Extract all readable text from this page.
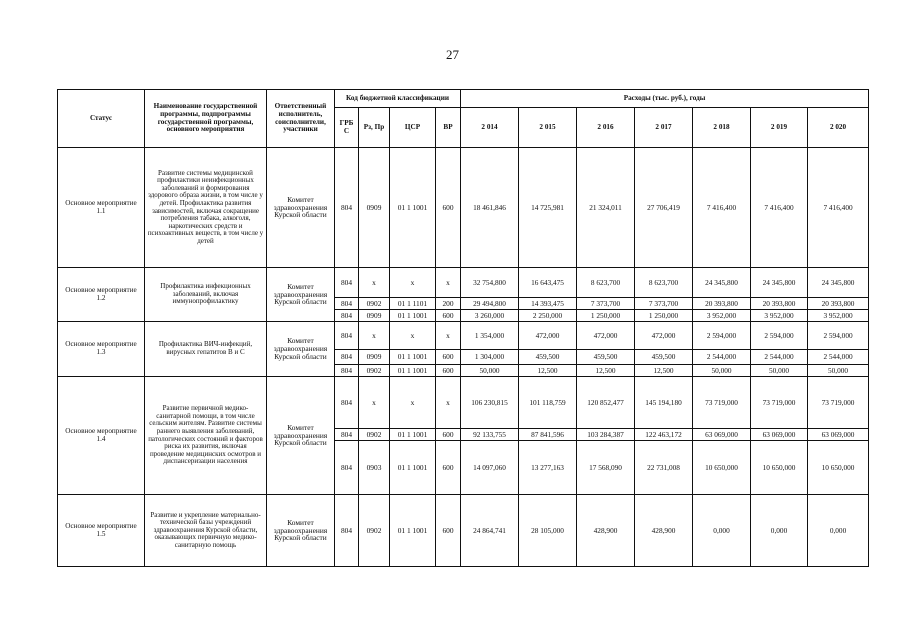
27
Статус	Наименование государственной программы, подпрограммы государственной программы, основного мероприятия	Ответственный исполнитель, соисполнители, участники	Код бюджетной классификации				Расходы (тыс. руб.), годы						
			ГРБ С	Рз, Пр	ЦСР	ВР	2 014	2 015	2 016	2 017	2 018	2 019	2 020
Основное мероприятие 1.1	Развитие системы медицинской профилактики неинфекционных заболеваний и формирования здорового образа жизни, в том числе у детей. Профилактика развития зависимостей, включая сокращение потребления табака, алкоголя, наркотических средств и психоактивных веществ, в том числе у детей	Комитет здравоохранения Курской области	804	0909	01 1 1001	600	18 461,846	14 725,981	21 324,011	27 706,419	7 416,400	7 416,400	7 416,400
Основное мероприятие 1.2	Профилактика инфекционных заболеваний, включая иммунопрофилактику	Комитет здравоохранения Курской области	804	х	х	х	32 754,800	16 643,475	8 623,700	8 623,700	24 345,800	24 345,800	24 345,800
			804	0902	01 1 1101	200	29 494,800	14 393,475	7 373,700	7 373,700	20 393,800	20 393,800	20 393,800
			804	0909	01 1 1001	600	3 260,000	2 250,000	1 250,000	1 250,000	3 952,000	3 952,000	3 952,000
Основное мероприятие 1.3	Профилактика ВИЧ-инфекций, вирусных гепатитов В и С	Комитет здравоохранения Курской области	804	х	х	х	1 354,000	472,000	472,000	472,000	2 594,000	2 594,000	2 594,000
			804	0909	01 1 1001	600	1 304,000	459,500	459,500	459,500	2 544,000	2 544,000	2 544,000
			804	0902	01 1 1001	600	50,000	12,500	12,500	12,500	50,000	50,000	50,000
Основное мероприятие 1.4	Развитие первичной медико-санитарной помощи, в том числе сельским жителям. Развитие системы раннего выявления заболеваний, патологических состояний и факторов риска их развития, включая проведение медицинских осмотров и диспансеризации населения	Комитет здравоохранения Курской области	804	х	х	х	106 230,815	101 118,759	120 852,477	145 194,180	73 719,000	73 719,000	73 719,000
			804	0902	01 1 1001	600	92 133,755	87 841,596	103 284,387	122 463,172	63 069,000	63 069,000	63 069,000
			804	0903	01 1 1001	600	14 097,060	13 277,163	17 568,090	22 731,008	10 650,000	10 650,000	10 650,000
Основное мероприятие 1.5	Развитие и укрепление материально-технической базы учреждений здравоохранения Курской области, оказывающих первичную медико-санитарную помощь	Комитет здравоохранения Курской области	804	0902	01 1 1001	600	24 864,741	28 105,000	428,900	428,900	0,000	0,000	0,000
